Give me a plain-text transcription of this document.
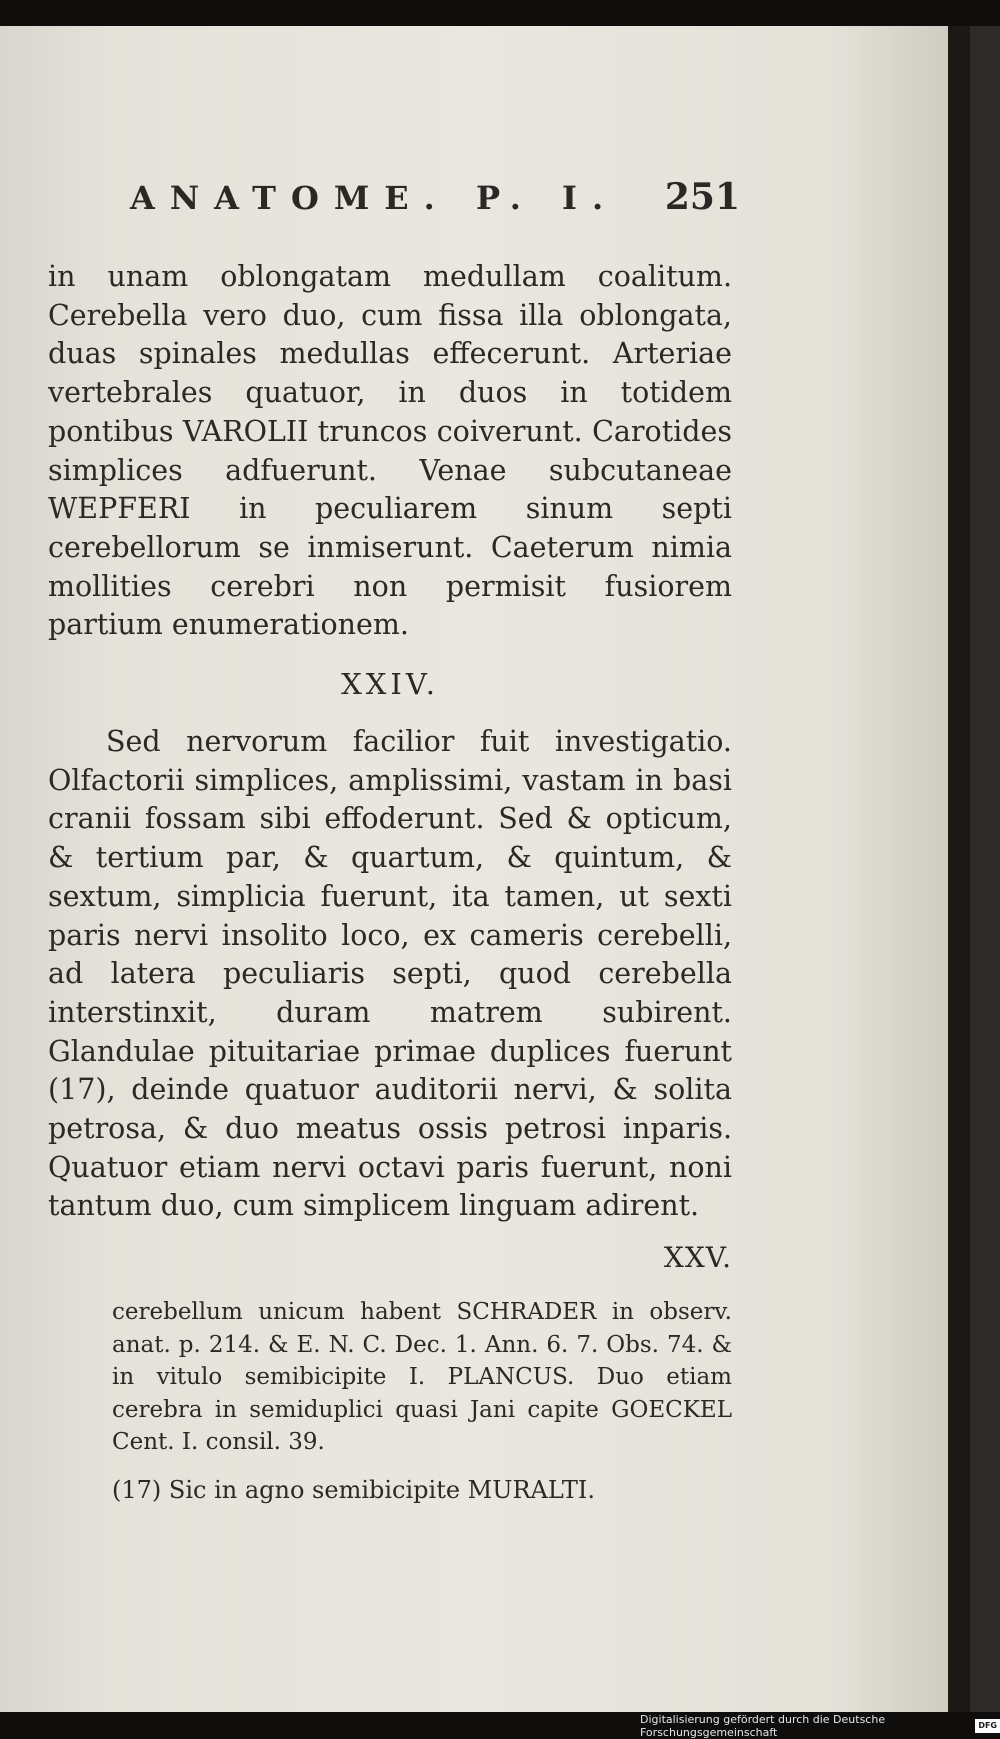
ANATOME. P. I. 251

in unam oblongatam medullam coalitum. Cerebella vero duo, cum fissa illa oblongata, duas spinales medullas effecerunt. Arteriae vertebrales quatuor, in duos in totidem pontibus VAROLII truncos coiverunt. Carotides simplices adfuerunt. Venae subcutaneae WEPFERI in peculiarem sinum septi cerebellorum se inmiserunt. Caeterum nimia mollities cerebri non permisit fusiorem partium enumerationem.

XXIV.

Sed nervorum facilior fuit investigatio. Olfactorii simplices, amplissimi, vastam in basi cranii fossam sibi effoderunt. Sed & opticum, & tertium par, & quartum, & quintum, & sextum, simplicia fuerunt, ita tamen, ut sexti paris nervi insolito loco, ex cameris cerebelli, ad latera peculiaris septi, quod cerebella interstinxit, duram matrem subirent. Glandulae pituitariae primae duplices fuerunt (17), deinde quatuor auditorii nervi, & solita petrosa, & duo meatus ossis petrosi inparis. Quatuor etiam nervi octavi paris fuerunt, noni tantum duo, cum simplicem linguam adirent.

XXV.

cerebellum unicum habent SCHRADER in observ. anat. p. 214. & E. N. C. Dec. 1. Ann. 6. 7. Obs. 74. & in vitulo semibicipite I. PLANCUS. Duo etiam cerebra in semiduplici quasi Jani capite GOECKEL Cent. I. consil. 39.
(17) Sic in agno semibicipite MURALTI.
Digitalisierung gefördert durch die Deutsche Forschungsgemeinschaft
DFG
